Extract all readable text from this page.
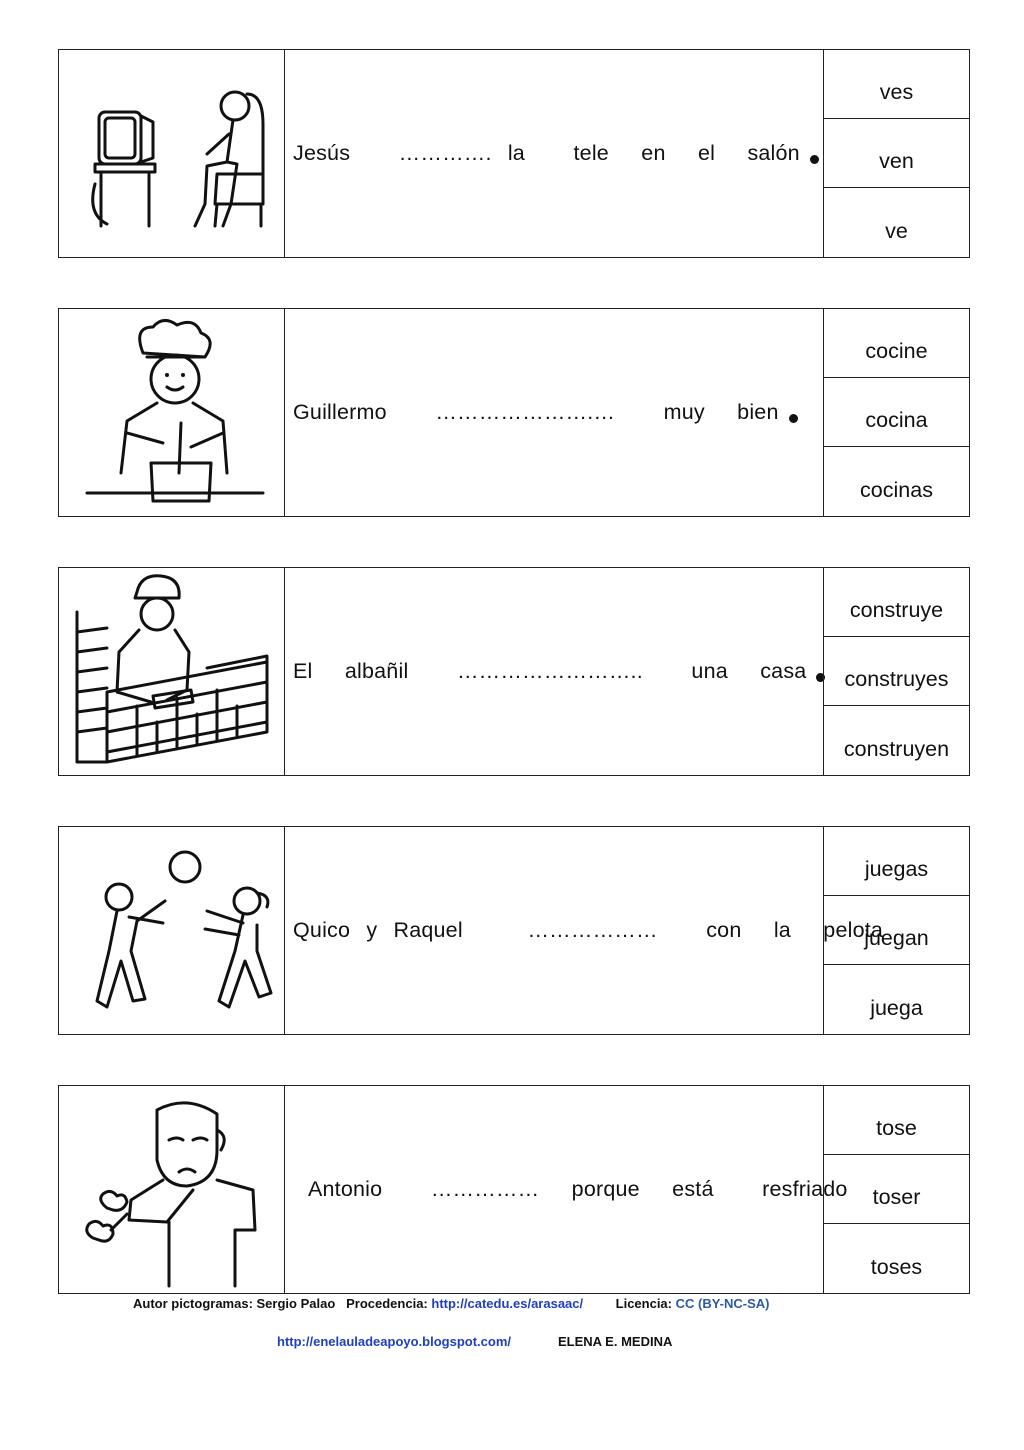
Jesús   …………. la   tele  en  el  salón
ves
ven
ve
Guillermo   ………………….…   muy  bien
cocine
cocina
cocinas
El  albañil   ……………………..   una  casa
construye
construyes
construyen
Quico y Raquel    ………………   con  la  pelota
juegas
juegan
juega
Antonio   ……………  porque  está   resfriado
tose
toser
toses
Autor pictogramas: Sergio Palao Procedencia: http://catedu.es/arasaac/	Licencia: CC (BY-NC-SA)
http://enelauladeapoyo.blogspot.com/	ELENA E. MEDINA
